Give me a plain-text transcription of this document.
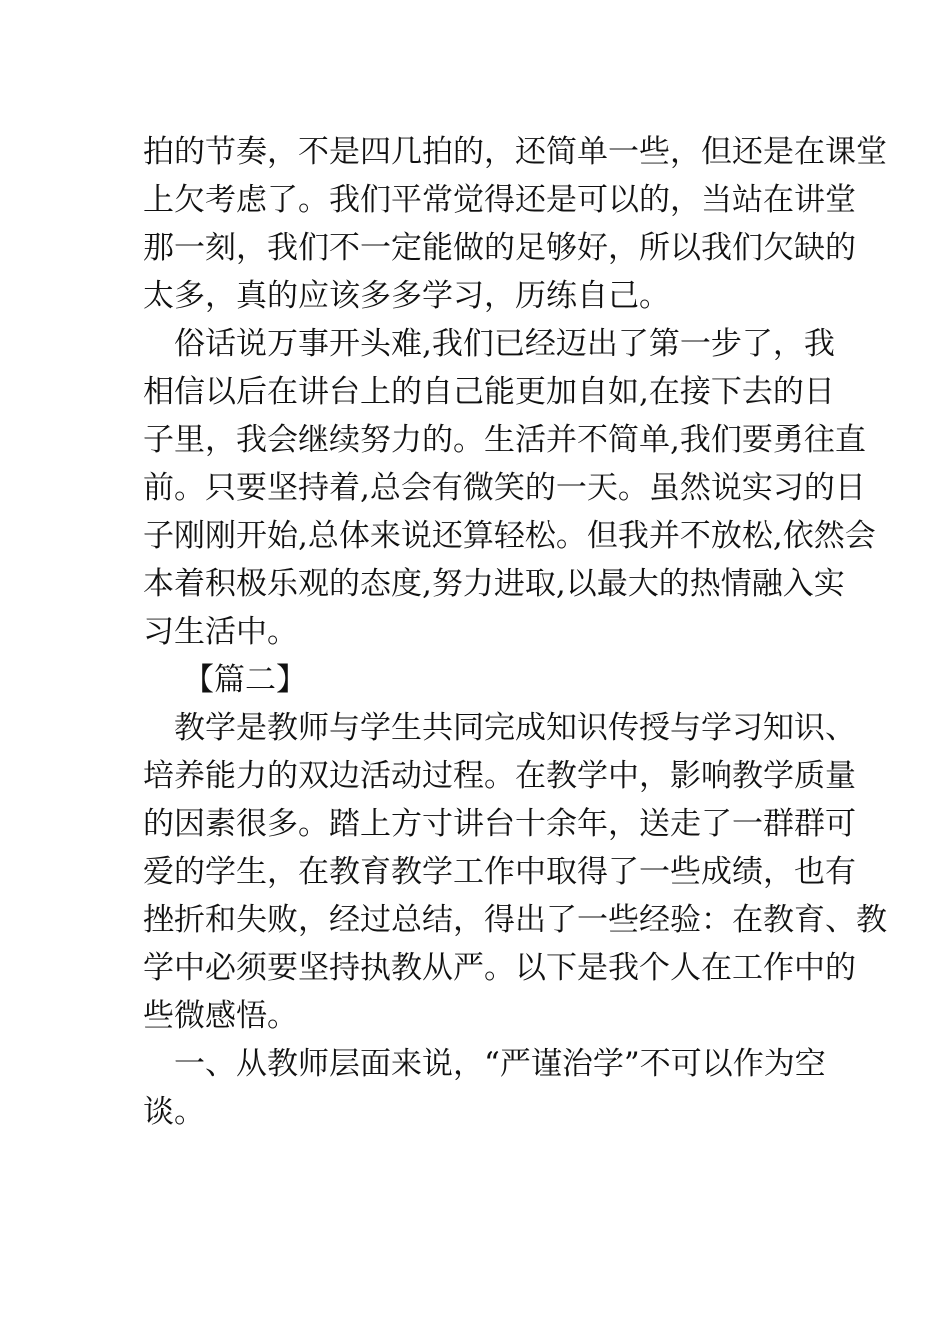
拍的节奏，不是四几拍的，还简单一些，但还是在课堂
上欠考虑了。我们平常觉得还是可以的，当站在讲堂
那一刻，我们不一定能做的足够好，所以我们欠缺的
太多，真的应该多多学习，历练自己。
　俗话说万事开头难,我们已经迈出了第一步了，我
相信以后在讲台上的自己能更加自如,在接下去的日
子里，我会继续努力的。生活并不简单,我们要勇往直
前。只要坚持着,总会有微笑的一天。虽然说实习的日
子刚刚开始,总体来说还算轻松。但我并不放松,依然会
本着积极乐观的态度,努力进取,以最大的热情融入实
习生活中。
【篇二】
　教学是教师与学生共同完成知识传授与学习知识、
培养能力的双边活动过程。在教学中，影响教学质量
的因素很多。踏上方寸讲台十余年，送走了一群群可
爱的学生，在教育教学工作中取得了一些成绩，也有
挫折和失败，经过总结，得出了一些经验：在教育、教
学中必须要坚持执教从严。以下是我个人在工作中的
些微感悟。
　一、从教师层面来说，“严谨治学”不可以作为空
谈。
